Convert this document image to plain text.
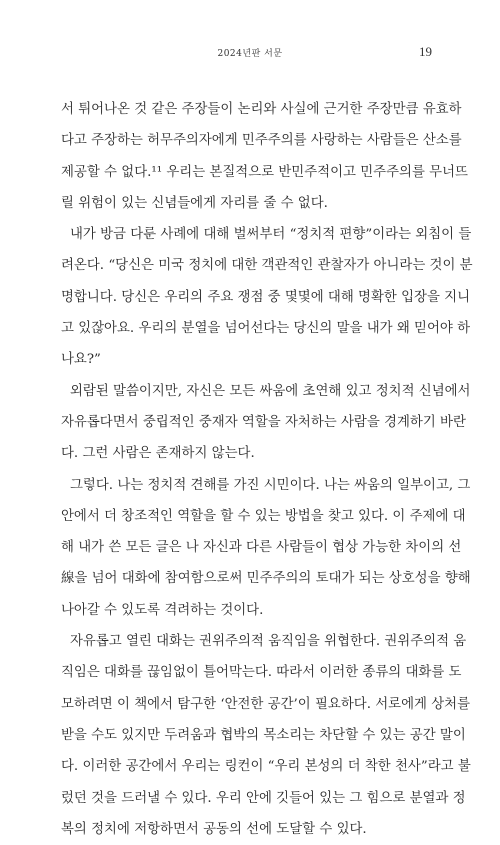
2024년판 서문	19
서 튀어나온 것 같은 주장들이 논리와 사실에 근거한 주장만큼 유효하
다고 주장하는 허무주의자에게 민주주의를 사랑하는 사람들은 산소를
제공할 수 없다.¹¹ 우리는 본질적으로 반민주적이고 민주주의를 무너뜨
릴 위험이 있는 신념들에게 자리를 줄 수 없다.
내가 방금 다룬 사례에 대해 벌써부터 “정치적 편향”이라는 외침이 들
려온다. “당신은 미국 정치에 대한 객관적인 관찰자가 아니라는 것이 분
명합니다. 당신은 우리의 주요 쟁점 중 몇몇에 대해 명확한 입장을 지니
고 있잖아요. 우리의 분열을 넘어선다는 당신의 말을 내가 왜 믿어야 하
나요?”
외람된 말씀이지만, 자신은 모든 싸움에 초연해 있고 정치적 신념에서
자유롭다면서 중립적인 중재자 역할을 자처하는 사람을 경계하기 바란
다. 그런 사람은 존재하지 않는다.
그렇다. 나는 정치적 견해를 가진 시민이다. 나는 싸움의 일부이고, 그
안에서 더 창조적인 역할을 할 수 있는 방법을 찾고 있다. 이 주제에 대
해 내가 쓴 모든 글은 나 자신과 다른 사람들이 협상 가능한 차이의 선
線을 넘어 대화에 참여함으로써 민주주의의 토대가 되는 상호성을 향해
나아갈 수 있도록 격려하는 것이다.
자유롭고 열린 대화는 권위주의적 움직임을 위협한다. 권위주의적 움
직임은 대화를 끊임없이 틀어막는다. 따라서 이러한 종류의 대화를 도
모하려면 이 책에서 탐구한 ‘안전한 공간’이 필요하다. 서로에게 상처를
받을 수도 있지만 두려움과 협박의 목소리는 차단할 수 있는 공간 말이
다. 이러한 공간에서 우리는 링컨이 “우리 본성의 더 착한 천사”라고 불
렀던 것을 드러낼 수 있다. 우리 안에 깃들어 있는 그 힘으로 분열과 정
복의 정치에 저항하면서 공동의 선에 도달할 수 있다.
